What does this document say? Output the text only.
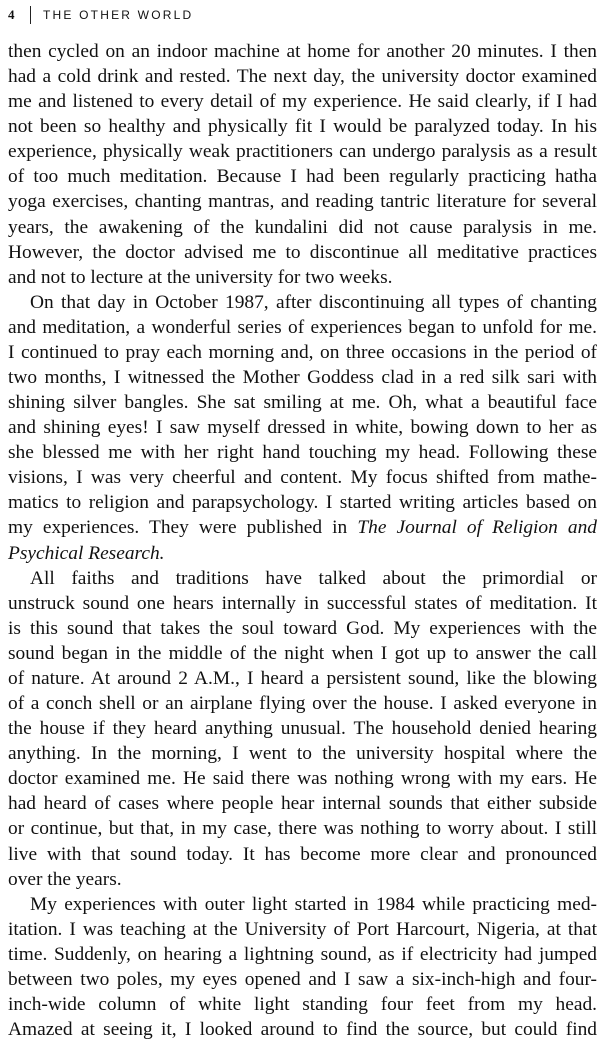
4	THE OTHER WORLD
then cycled on an indoor machine at home for another 20 minutes. I then
had a cold drink and rested. The next day, the university doctor examined
me and listened to every detail of my experience. He said clearly, if I had
not been so healthy and physically fit I would be paralyzed today. In his
experience, physically weak practitioners can undergo paralysis as a result
of too much meditation. Because I had been regularly practicing hatha
yoga exercises, chanting mantras, and reading tantric literature for several
years, the awakening of the kundalini did not cause paralysis in me.
However, the doctor advised me to discontinue all meditative practices
and not to lecture at the university for two weeks.
On that day in October 1987, after discontinuing all types of chanting
and meditation, a wonderful series of experiences began to unfold for me.
I continued to pray each morning and, on three occasions in the period of
two months, I witnessed the Mother Goddess clad in a red silk sari with
shining silver bangles. She sat smiling at me. Oh, what a beautiful face
and shining eyes! I saw myself dressed in white, bowing down to her as
she blessed me with her right hand touching my head. Following these
visions, I was very cheerful and content. My focus shifted from mathe-
matics to religion and parapsychology. I started writing articles based on
my experiences. They were published in The Journal of Religion and
Psychical Research.
All faiths and traditions have talked about the primordial or
unstruck sound one hears internally in successful states of meditation. It
is this sound that takes the soul toward God. My experiences with the
sound began in the middle of the night when I got up to answer the call
of nature. At around 2 A.M., I heard a persistent sound, like the blowing
of a conch shell or an airplane flying over the house. I asked everyone in
the house if they heard anything unusual. The household denied hearing
anything. In the morning, I went to the university hospital where the
doctor examined me. He said there was nothing wrong with my ears. He
had heard of cases where people hear internal sounds that either subside
or continue, but that, in my case, there was nothing to worry about. I still
live with that sound today. It has become more clear and pronounced
over the years.
My experiences with outer light started in 1984 while practicing med-
itation. I was teaching at the University of Port Harcourt, Nigeria, at that
time. Suddenly, on hearing a lightning sound, as if electricity had jumped
between two poles, my eyes opened and I saw a six-inch-high and four-
inch-wide column of white light standing four feet from my head.
Amazed at seeing it, I looked around to find the source, but could find
